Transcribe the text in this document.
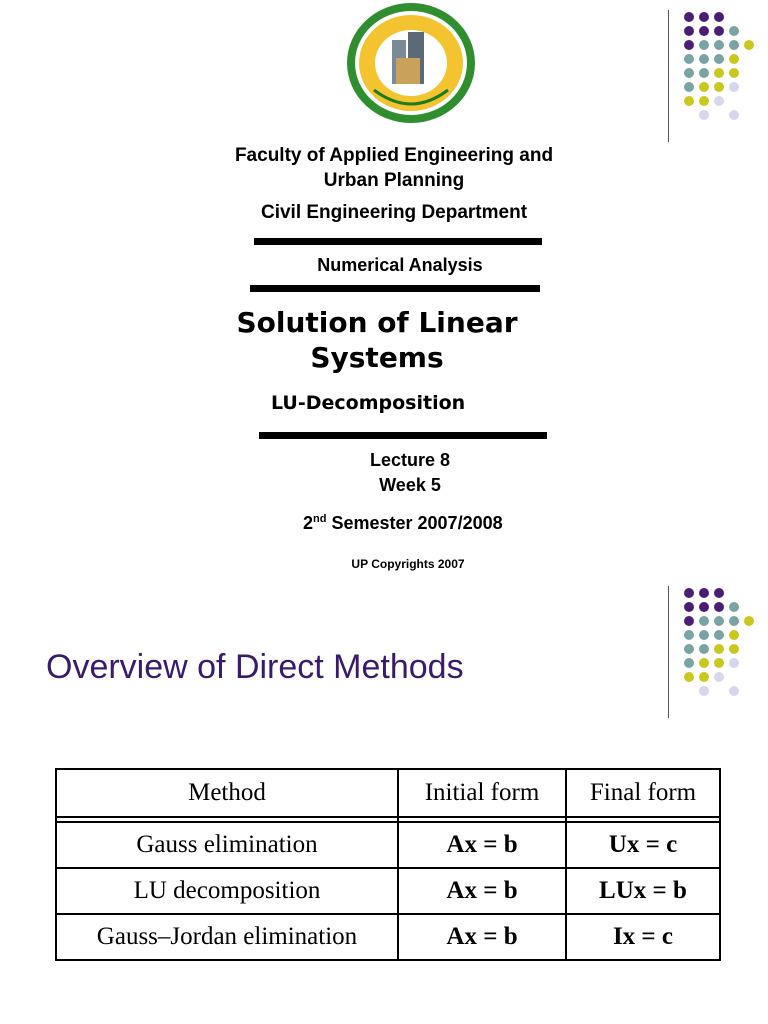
Faculty of Applied Engineering and
Urban Planning
Civil Engineering Department
Numerical Analysis
Solution of Linear
Systems
LU-Decomposition
Lecture 8
Week 5
2nd Semester 2007/2008
UP Copyrights 2007
Overview of Direct Methods
Method	Initial form	Final form

Gauss elimination	Ax = b	Ux = c
LU decomposition	Ax = b	LUx = b
Gauss–Jordan elimination	Ax = b	Ix = c
